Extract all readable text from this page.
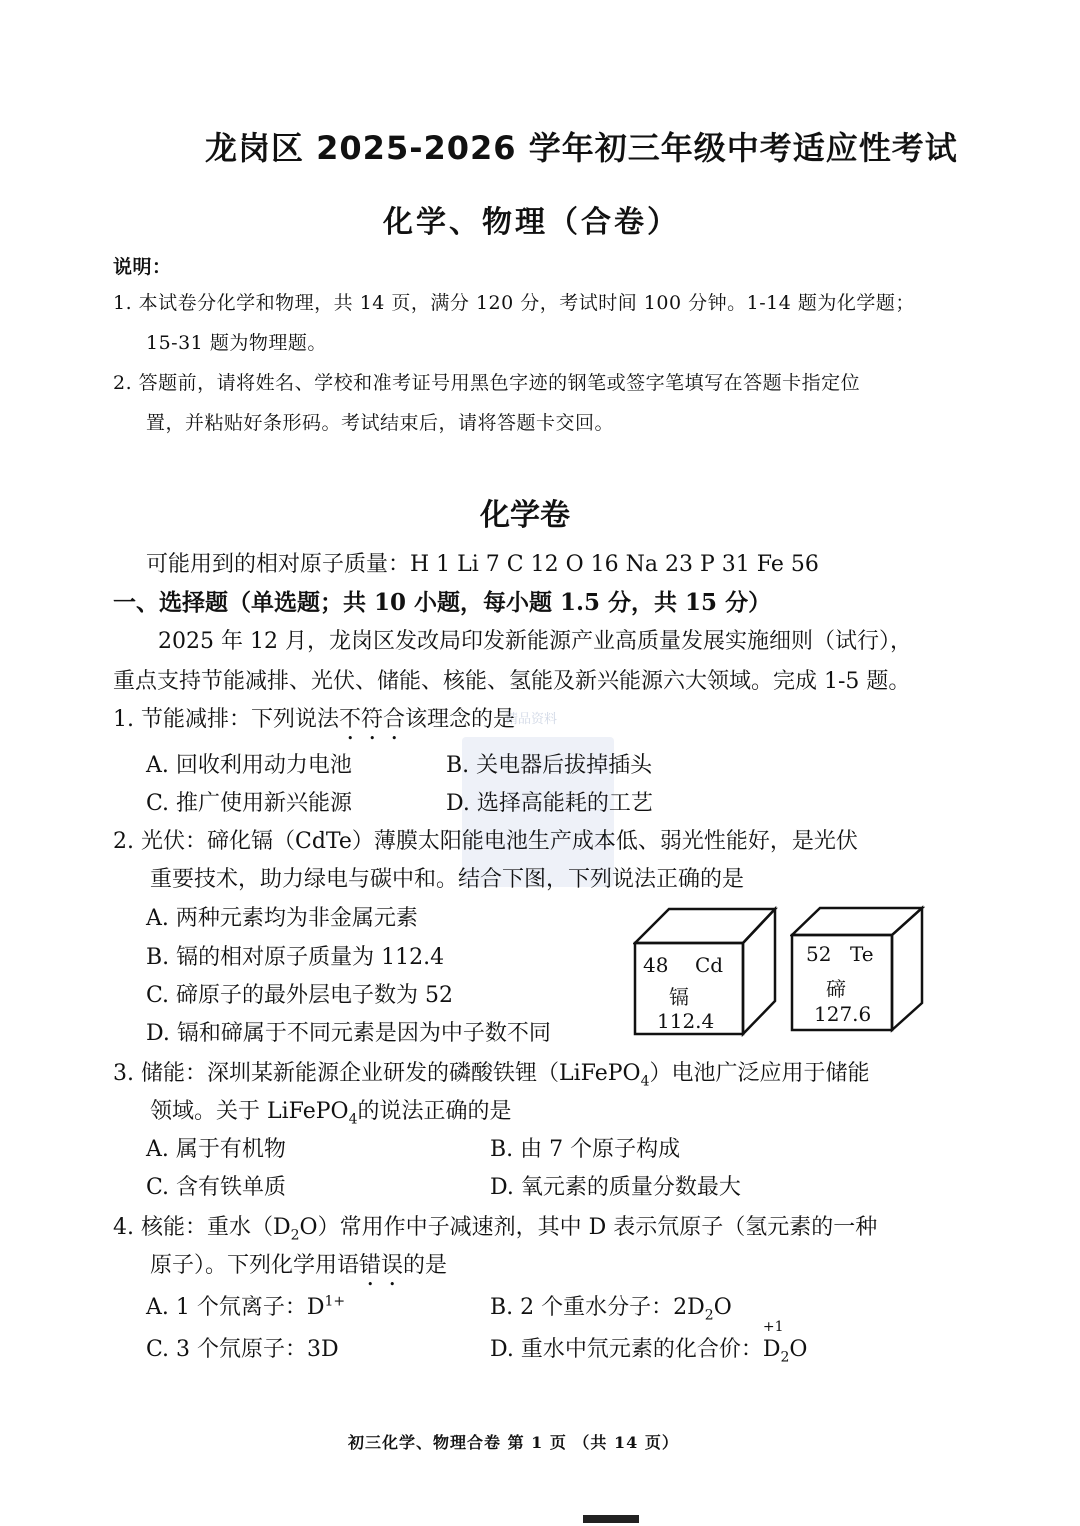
龙岗区 2025-2026 学年初三年级中考适应性考试
化学、物理（合卷）
说明：
1. 本试卷分化学和物理，共 14 页，满分 120 分，考试时间 100 分钟。1-14 题为化学题；
15-31 题为物理题。
2. 答题前，请将姓名、学校和准考证号用黑色字迹的钢笔或签字笔填写在答题卡指定位
置，并粘贴好条形码。考试结束后，请将答题卡交回。
化学卷
可能用到的相对原子质量：H 1 Li 7 C 12 O 16 Na 23 P 31 Fe 56
一、选择题（单选题；共 10 小题，每小题 1.5 分，共 15 分）
2025 年 12 月，龙岗区发改局印发新能源产业高质量发展实施细则（试行），
重点支持节能减排、光伏、储能、核能、氢能及新兴能源六大领域。完成 1-5 题。
精品资料
1. 节能减排：下列说法不符合该理念的是
A. 回收利用动力电池	B. 关电器后拔掉插头
C. 推广使用新兴能源	D. 选择高能耗的工艺
2. 光伏：碲化镉（CdTe）薄膜太阳能电池生产成本低、弱光性能好，是光伏
重要技术，助力绿电与碳中和。结合下图，下列说法正确的是
A. 两种元素均为非金属元素
B. 镉的相对原子质量为 112.4
C. 碲原子的最外层电子数为 52
D. 镉和碲属于不同元素是因为中子数不同
48 Cd
镉
112.4
52 Te
碲
127.6
3. 储能：深圳某新能源企业研发的磷酸铁锂（LiFePO$_4$）电池广泛应用于储能
领域。关于 LiFePO$_4$的说法正确的是
A. 属于有机物	B. 由 7 个原子构成
C. 含有铁单质	D. 氧元素的质量分数最大
4. 核能：重水$(D_2O)$常用作中子减速剂，其中 D 表示氘原子（氢元素的一种
原子）。下列化学用语错误的是
A. 1 个氘离子：$D^{1+}$	B. 2 个重水分子：$2D_2O$
C. 3 个氘原子：3D	D. 重水中氘元素的化合价：
+1
$D_2O$
初三化学、物理合卷 第 1 页 （共 14 页）
